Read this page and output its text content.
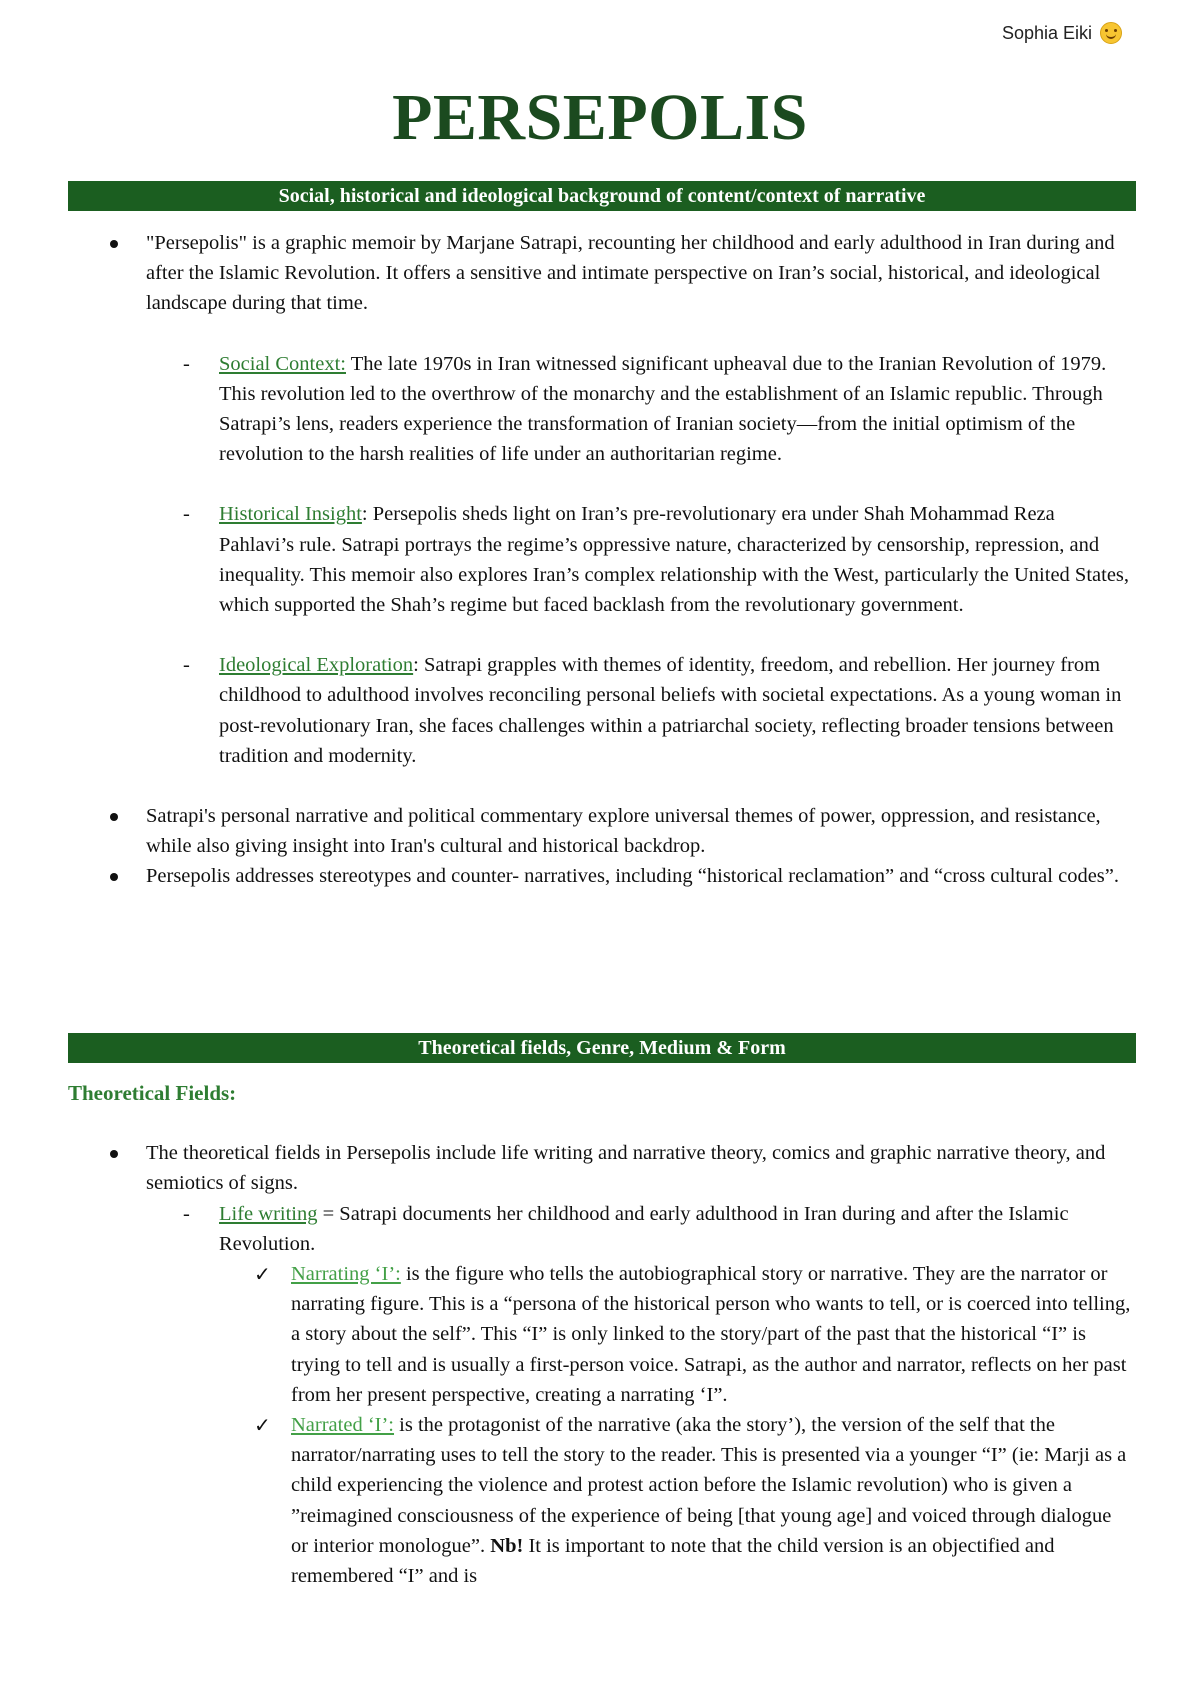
Sophia Eiki
PERSEPOLIS
Social, historical and ideological background of content/context of narrative
"Persepolis" is a graphic memoir by Marjane Satrapi, recounting her childhood and early adulthood in Iran during and after the Islamic Revolution. It offers a sensitive and intimate perspective on Iran’s social, historical, and ideological landscape during that time.
- Social Context: The late 1970s in Iran witnessed significant upheaval due to the Iranian Revolution of 1979. This revolution led to the overthrow of the monarchy and the establishment of an Islamic republic. Through Satrapi’s lens, readers experience the transformation of Iranian society—from the initial optimism of the revolution to the harsh realities of life under an authoritarian regime.
- Historical Insight: Persepolis sheds light on Iran’s pre-revolutionary era under Shah Mohammad Reza Pahlavi’s rule. Satrapi portrays the regime’s oppressive nature, characterized by censorship, repression, and inequality. This memoir also explores Iran’s complex relationship with the West, particularly the United States, which supported the Shah’s regime but faced backlash from the revolutionary government.
- Ideological Exploration: Satrapi grapples with themes of identity, freedom, and rebellion. Her journey from childhood to adulthood involves reconciling personal beliefs with societal expectations. As a young woman in post-revolutionary Iran, she faces challenges within a patriarchal society, reflecting broader tensions between tradition and modernity.
Satrapi's personal narrative and political commentary explore universal themes of power, oppression, and resistance, while also giving insight into Iran's cultural and historical backdrop.
Persepolis addresses stereotypes and counter- narratives, including “historical reclamation” and “cross cultural codes”.
Theoretical fields, Genre, Medium & Form
Theoretical Fields:
The theoretical fields in Persepolis include life writing and narrative theory, comics and graphic narrative theory, and semiotics of signs.
- Life writing = Satrapi documents her childhood and early adulthood in Iran during and after the Islamic Revolution.
✓ Narrating ‘I’: is the figure who tells the autobiographical story or narrative. They are the narrator or narrating figure. This is a “persona of the historical person who wants to tell, or is coerced into telling, a story about the self”. This “I” is only linked to the story/part of the past that the historical “I” is trying to tell and is usually a first-person voice. Satrapi, as the author and narrator, reflects on her past from her present perspective, creating a narrating ‘I”.
✓ Narrated ‘I’: is the protagonist of the narrative (aka the story’), the version of the self that the narrator/narrating uses to tell the story to the reader. This is presented via a younger “I” (ie: Marji as a child experiencing the violence and protest action before the Islamic revolution) who is given a ”reimagined consciousness of the experience of being [that young age] and voiced through dialogue or interior monologue”. Nb! It is important to note that the child version is an objectified and remembered “I” and is
